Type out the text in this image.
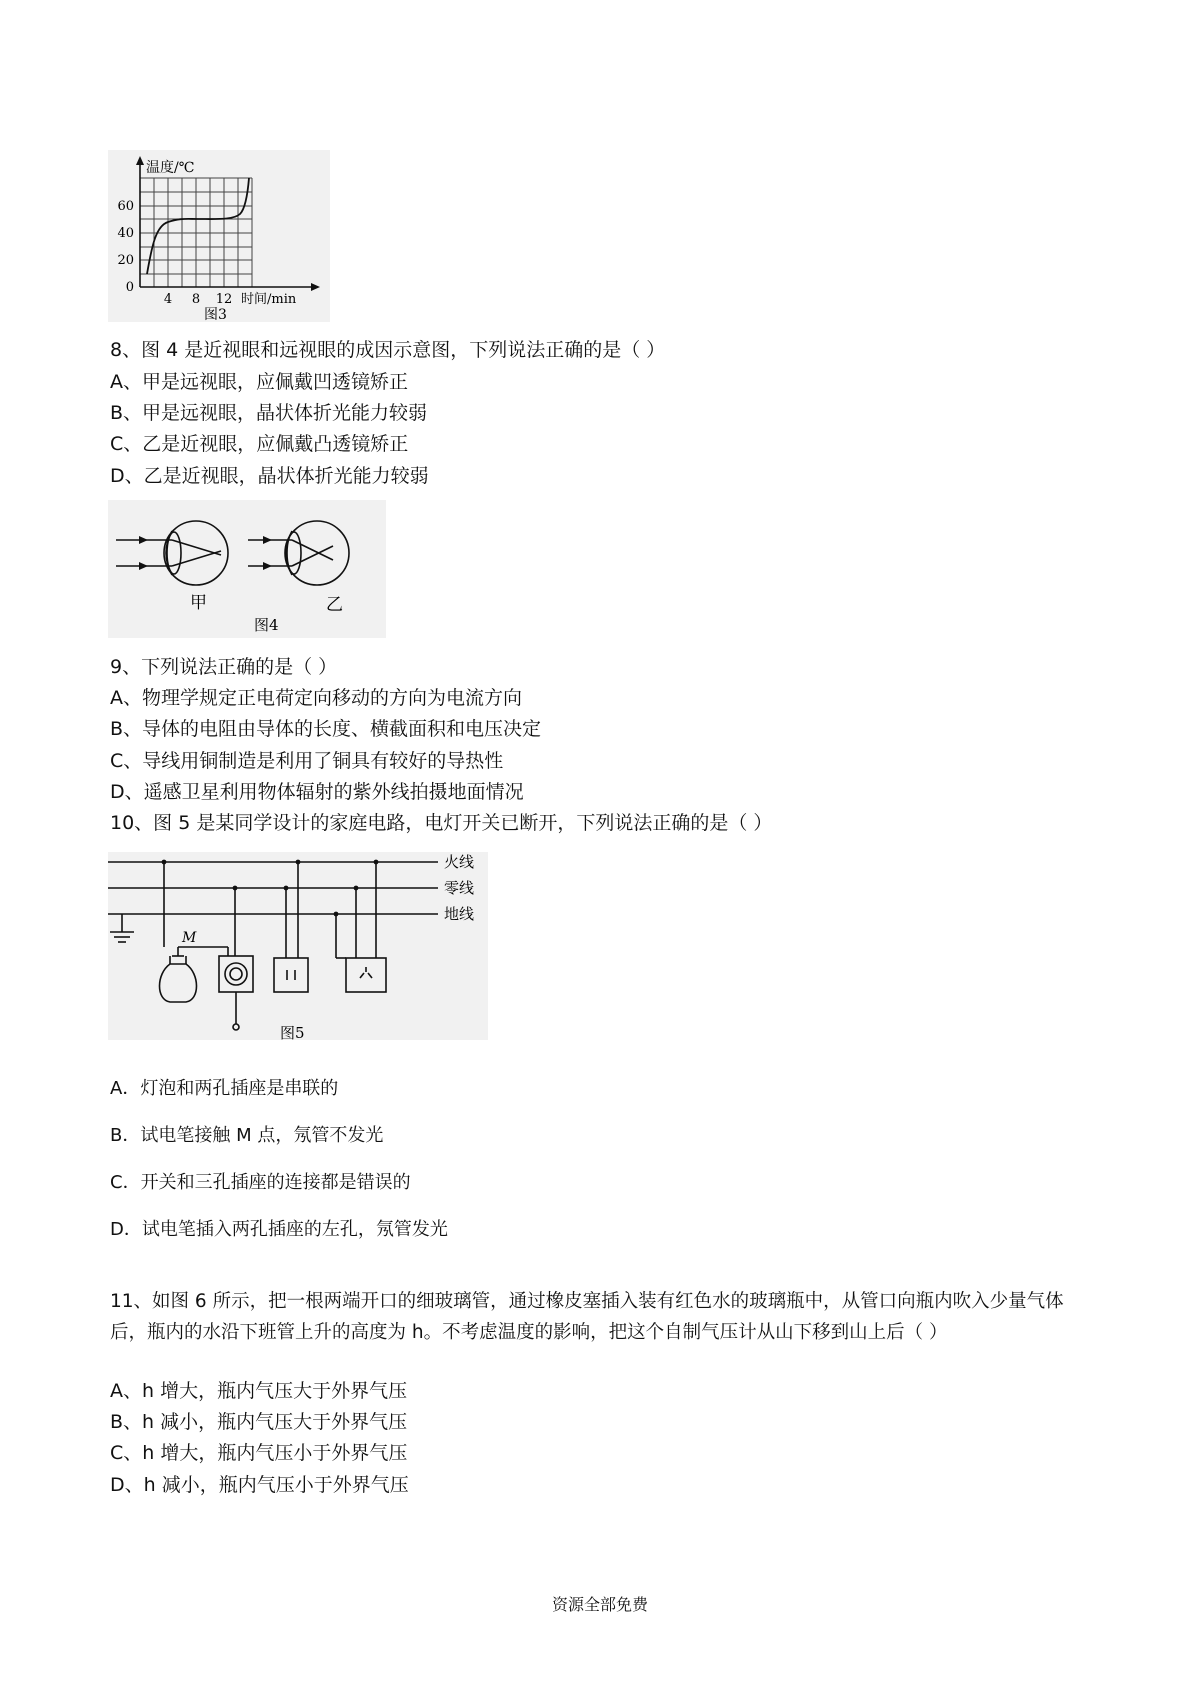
温度/℃
0
20
40
60
4 8 12 时间/min
图3
8、图 4 是近视眼和远视眼的成因示意图，下列说法正确的是（ ）
A、甲是远视眼，应佩戴凹透镜矫正
B、甲是远视眼，晶状体折光能力较弱
C、乙是近视眼，应佩戴凸透镜矫正
D、乙是近视眼，晶状体折光能力较弱
甲	乙
图4
9、下列说法正确的是（ ）
A、物理学规定正电荷定向移动的方向为电流方向
B、导体的电阻由导体的长度、横截面积和电压决定
C、导线用铜制造是利用了铜具有较好的导热性
D、遥感卫星利用物体辐射的紫外线拍摄地面情况
10、图 5 是某同学设计的家庭电路，电灯开关已断开，下列说法正确的是（ ）
火线
零线
地线
M
图5
A．灯泡和两孔插座是串联的
B．试电笔接触 M 点，氖管不发光
C．开关和三孔插座的连接都是错误的
D．试电笔插入两孔插座的左孔，氖管发光
11、如图 6 所示，把一根两端开口的细玻璃管，通过橡皮塞插入装有红色水的玻璃瓶中，从管口向瓶内吹入少量气体后，瓶内的水沿下班管上升的高度为 h。不考虑温度的影响，把这个自制气压计从山下移到山上后（ ）
A、h 增大，瓶内气压大于外界气压
B、h 减小，瓶内气压大于外界气压
C、h 增大，瓶内气压小于外界气压
D、h 减小，瓶内气压小于外界气压
资源全部免费
